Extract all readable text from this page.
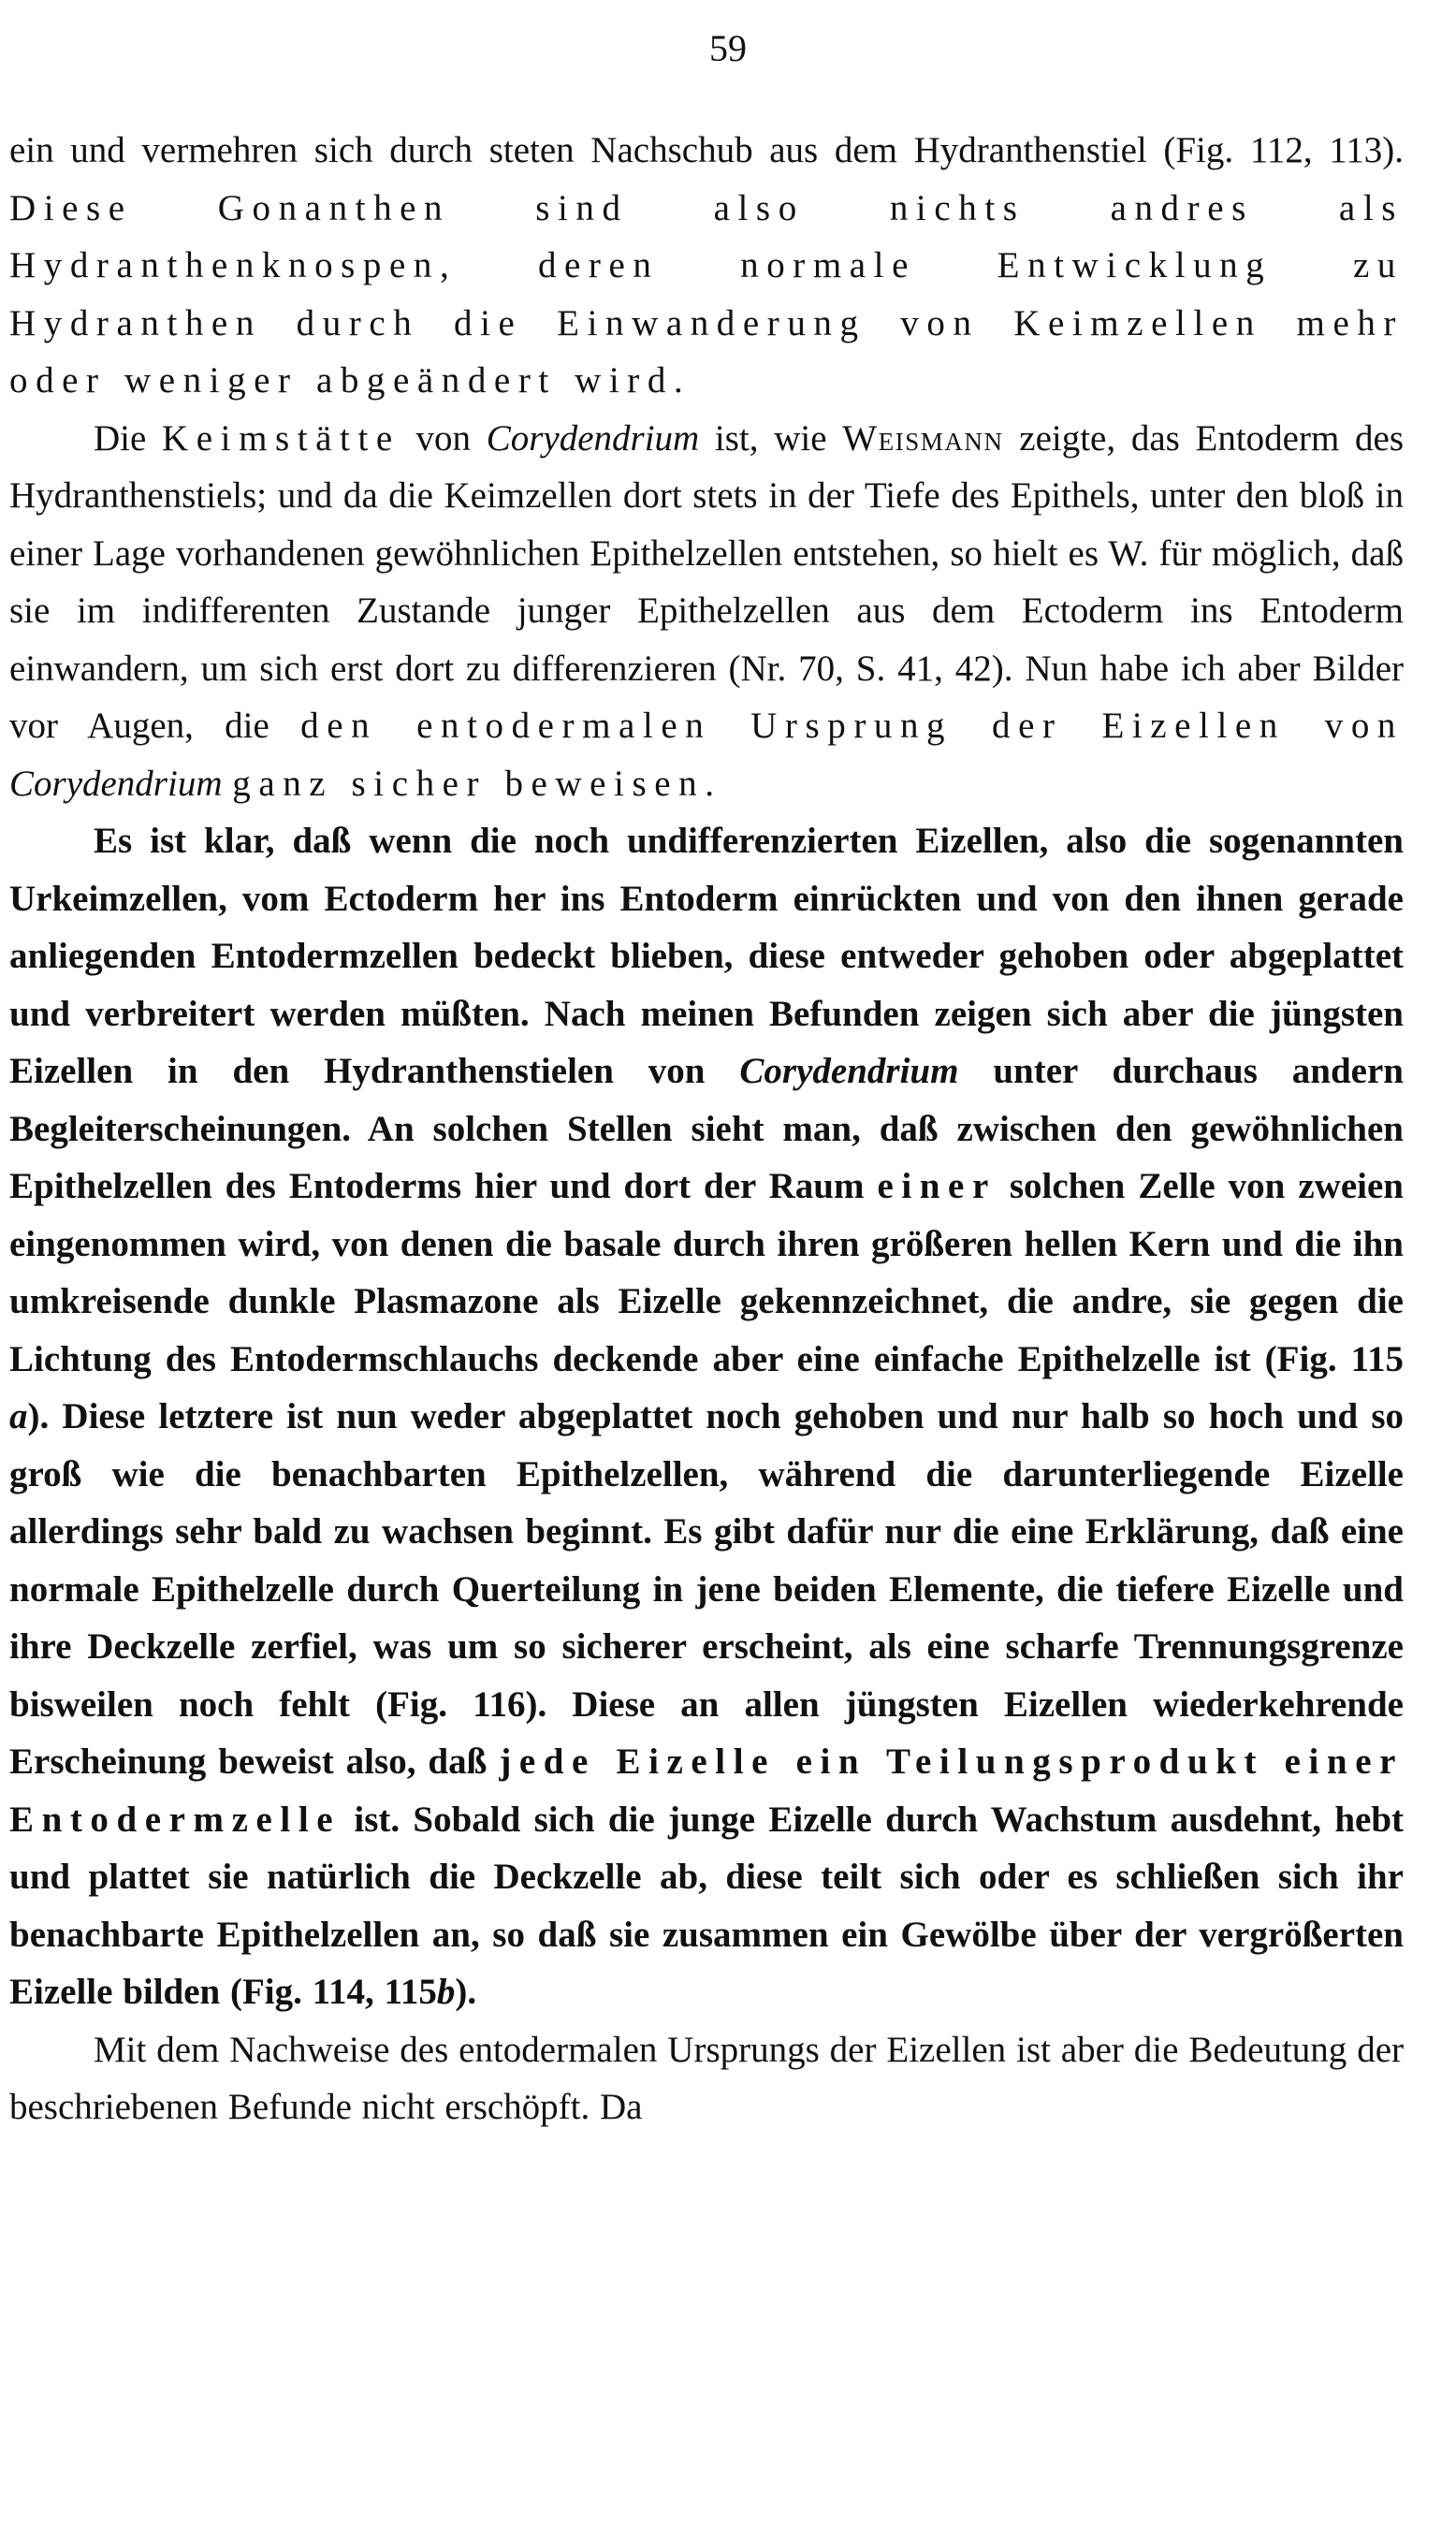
59

ein und vermehren sich durch steten Nachschub aus dem Hydranthenstiel (Fig. 112, 113). Diese Gonanthen sind also nichts andres als Hydranthenknospen, deren normale Entwicklung zu Hydranthen durch die Einwanderung von Keimzellen mehr oder weniger abgeändert wird.

Die Keimstätte von Corydendrium ist, wie Weismann zeigte, das Entoderm des Hydranthenstiels; und da die Keimzellen dort stets in der Tiefe des Epithels, unter den bloß in einer Lage vorhandenen gewöhnlichen Epithelzellen entstehen, so hielt es W. für möglich, daß sie im indifferenten Zustande junger Epithelzellen aus dem Ectoderm ins Entoderm einwandern, um sich erst dort zu differenzieren (Nr. 70, S. 41, 42). Nun habe ich aber Bilder vor Augen, die den entodermalen Ursprung der Eizellen von Corydendrium ganz sicher beweisen.

Es ist klar, daß wenn die noch undifferenzierten Eizellen, also die sogenannten Urkeimzellen, vom Ectoderm her ins Entoderm einrückten und von den ihnen gerade anliegenden Entodermzellen bedeckt blieben, diese entweder gehoben oder abgeplattet und verbreitert werden müßten. Nach meinen Befunden zeigen sich aber die jüngsten Eizellen in den Hydranthenstielen von Corydendrium unter durchaus andern Begleiterscheinungen. An solchen Stellen sieht man, daß zwischen den gewöhnlichen Epithelzellen des Entoderms hier und dort der Raum einer solchen Zelle von zweien eingenommen wird, von denen die basale durch ihren größeren hellen Kern und die ihn umkreisende dunkle Plasmazone als Eizelle gekennzeichnet, die andre, sie gegen die Lichtung des Entodermschlauchs deckende aber eine einfache Epithelzelle ist (Fig. 115 a). Diese letztere ist nun weder abgeplattet noch gehoben und nur halb so hoch und so groß wie die benachbarten Epithelzellen, während die darunterliegende Eizelle allerdings sehr bald zu wachsen beginnt. Es gibt dafür nur die eine Erklärung, daß eine normale Epithelzelle durch Querteilung in jene beiden Elemente, die tiefere Eizelle und ihre Deckzelle zerfiel, was um so sicherer erscheint, als eine scharfe Trennungsgrenze bisweilen noch fehlt (Fig. 116). Diese an allen jüngsten Eizellen wiederkehrende Erscheinung beweist also, daß jede Eizelle ein Teilungsprodukt einer Entodermzelle ist. Sobald sich die junge Eizelle durch Wachstum ausdehnt, hebt und plattet sie natürlich die Deckzelle ab, diese teilt sich oder es schließen sich ihr benachbarte Epithelzellen an, so daß sie zusammen ein Gewölbe über der vergrößerten Eizelle bilden (Fig. 114, 115b).

Mit dem Nachweise des entodermalen Ursprungs der Eizellen ist aber die Bedeutung der beschriebenen Befunde nicht erschöpft. Da
